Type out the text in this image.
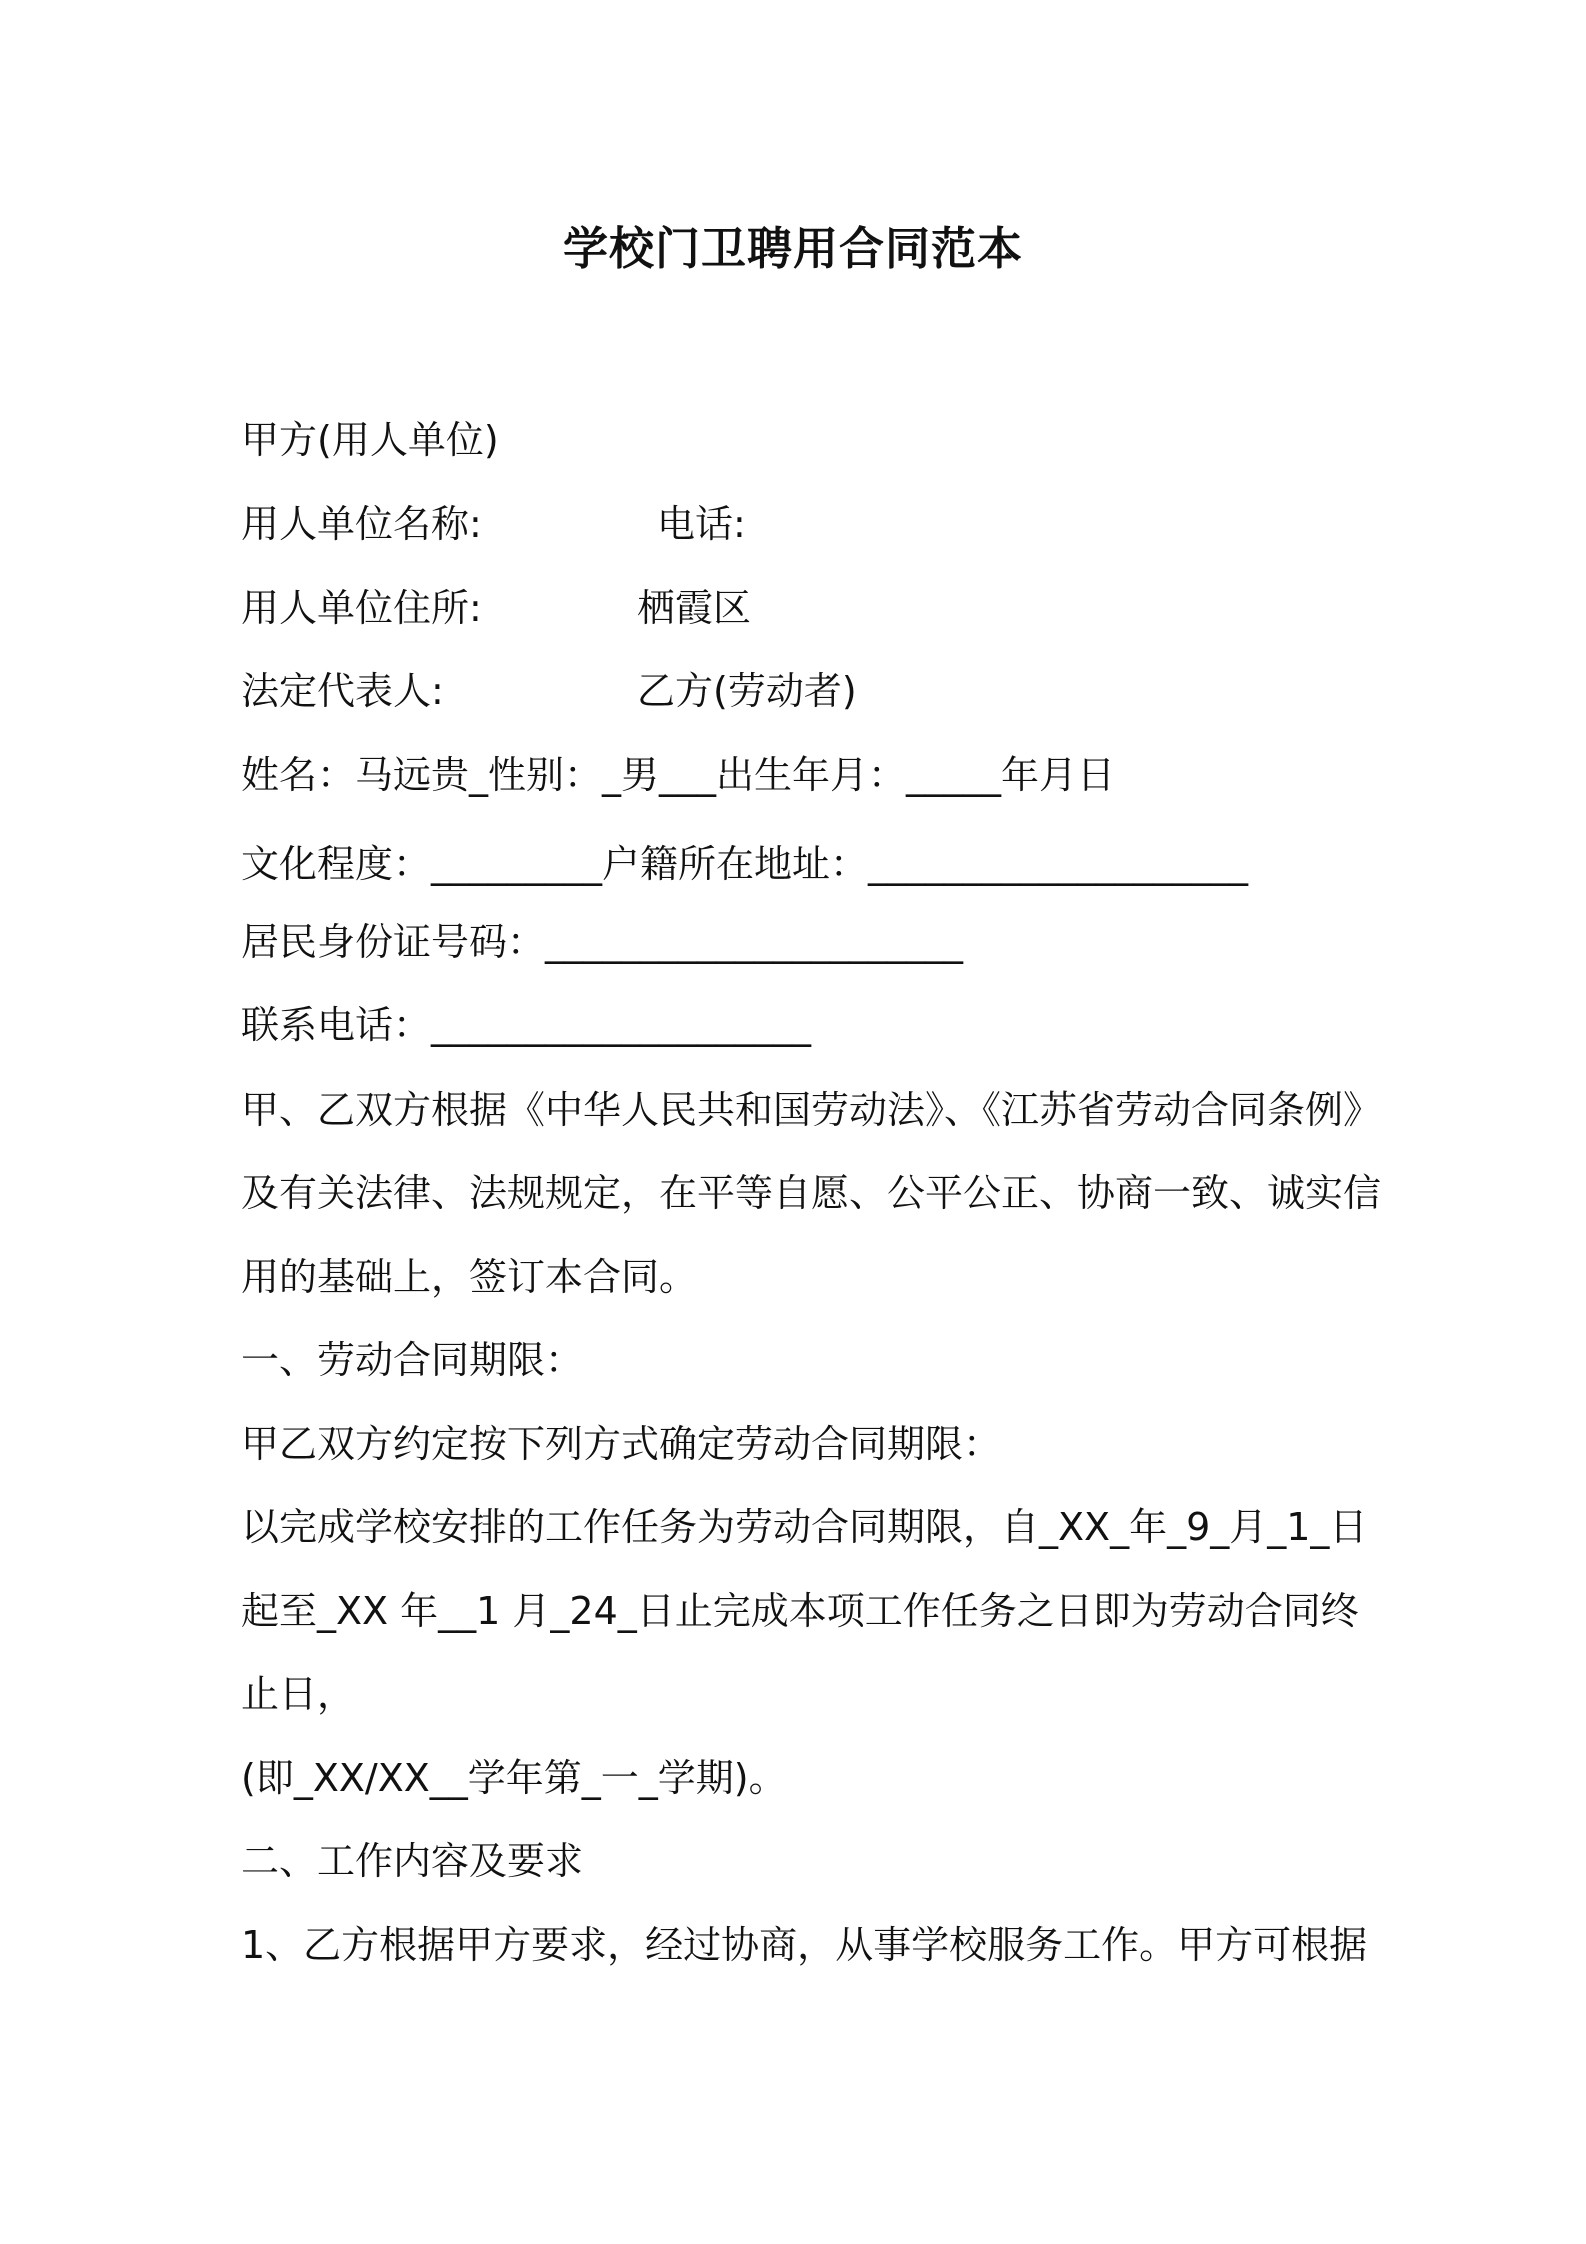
学校门卫聘用合同范本
甲方(用人单位)
用人单位名称:	电话:
用人单位住所:	栖霞区
法定代表人:	乙方(劳动者)
姓名：马远贵_性别：_男___出生年月：_____年月日
文化程度：_________户籍所在地址：____________________
居民身份证号码：______________________
联系电话：____________________
甲、乙双方根据《中华人民共和国劳动法》、《江苏省劳动合同条例》
及有关法律、法规规定，在平等自愿、公平公正、协商一致、诚实信
用的基础上，签订本合同。
一、劳动合同期限：
甲乙双方约定按下列方式确定劳动合同期限：
以完成学校安排的工作任务为劳动合同期限，自_XX_年_9_月_1_日
起至_XX 年__1 月_24_日止完成本项工作任务之日即为劳动合同终
止日，
(即_XX/XX__学年第_一_学期)。
二、工作内容及要求
1、乙方根据甲方要求，经过协商，从事学校服务工作。甲方可根据
